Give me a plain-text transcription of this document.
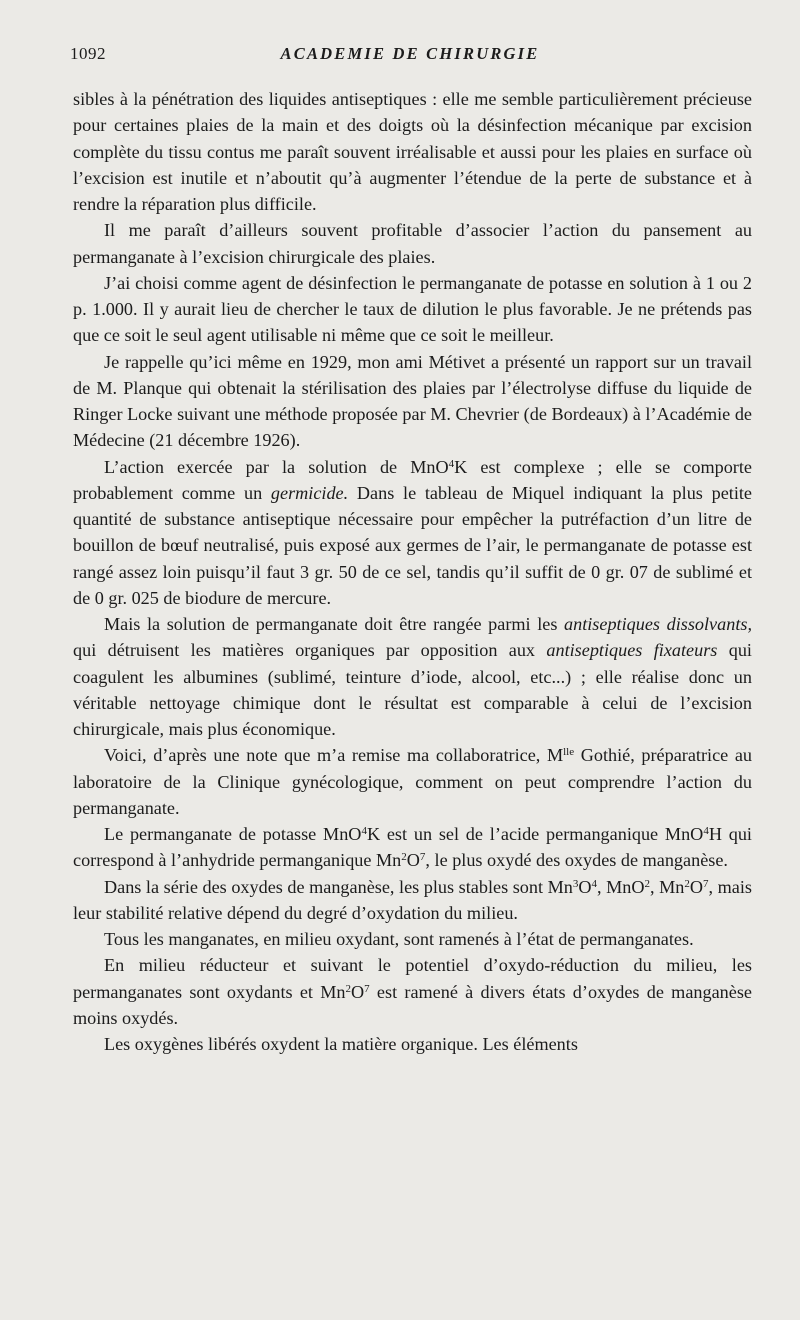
1092	ACADEMIE DE CHIRURGIE

sibles à la pénétration des liquides antiseptiques : elle me semble particulièrement précieuse pour certaines plaies de la main et des doigts où la désinfection mécanique par excision complète du tissu contus me paraît souvent irréalisable et aussi pour les plaies en surface où l’excision est inutile et n’aboutit qu’à augmenter l’étendue de la perte de substance et à rendre la réparation plus difficile.

Il me paraît d’ailleurs souvent profitable d’associer l’action du pansement au permanganate à l’excision chirurgicale des plaies.

J’ai choisi comme agent de désinfection le permanganate de potasse en solution à 1 ou 2 p. 1.000. Il y aurait lieu de chercher le taux de dilution le plus favorable. Je ne prétends pas que ce soit le seul agent utilisable ni même que ce soit le meilleur.

Je rappelle qu’ici même en 1929, mon ami Métivet a présenté un rapport sur un travail de M. Planque qui obtenait la stérilisation des plaies par l’électrolyse diffuse du liquide de Ringer Locke suivant une méthode proposée par M. Chevrier (de Bordeaux) à l’Académie de Médecine (21 décembre 1926).

L’action exercée par la solution de MnO$^4$K est complexe ; elle se comporte probablement comme un germicide. Dans le tableau de Miquel indiquant la plus petite quantité de substance antiseptique nécessaire pour empêcher la putréfaction d’un litre de bouillon de bœuf neutralisé, puis exposé aux germes de l’air, le permanganate de potasse est rangé assez loin puisqu’il faut 3 gr. 50 de ce sel, tandis qu’il suffit de 0 gr. 07 de sublimé et de 0 gr. 025 de biodure de mercure.

Mais la solution de permanganate doit être rangée parmi les antiseptiques dissolvants, qui détruisent les matières organiques par opposition aux antiseptiques fixateurs qui coagulent les albumines (sublimé, teinture d’iode, alcool, etc...) ; elle réalise donc un véritable nettoyage chimique dont le résultat est comparable à celui de l’excision chirurgicale, mais plus économique.

Voici, d’après une note que m’a remise ma collaboratrice, $M^{lle}$ Gothié, préparatrice au laboratoire de la Clinique gynécologique, comment on peut comprendre l’action du permanganate.

Le permanganate de potasse MnO$^4$K est un sel de l’acide permanganique MnO$^4$H qui correspond à l’anhydride permanganique $Mn^2O^7$, le plus oxydé des oxydes de manganèse.

Dans la série des oxydes de manganèse, les plus stables sont $Mn^3O^4$, MnO$^2$, $Mn^2O^7$, mais leur stabilité relative dépend du degré d’oxydation du milieu.

Tous les manganates, en milieu oxydant, sont ramenés à l’état de permanganates.

En milieu réducteur et suivant le potentiel d’oxydo-réduction du milieu, les permanganates sont oxydants et $Mn^2O^7$ est ramené à divers états d’oxydes de manganèse moins oxydés.

Les oxygènes libérés oxydent la matière organique. Les éléments
